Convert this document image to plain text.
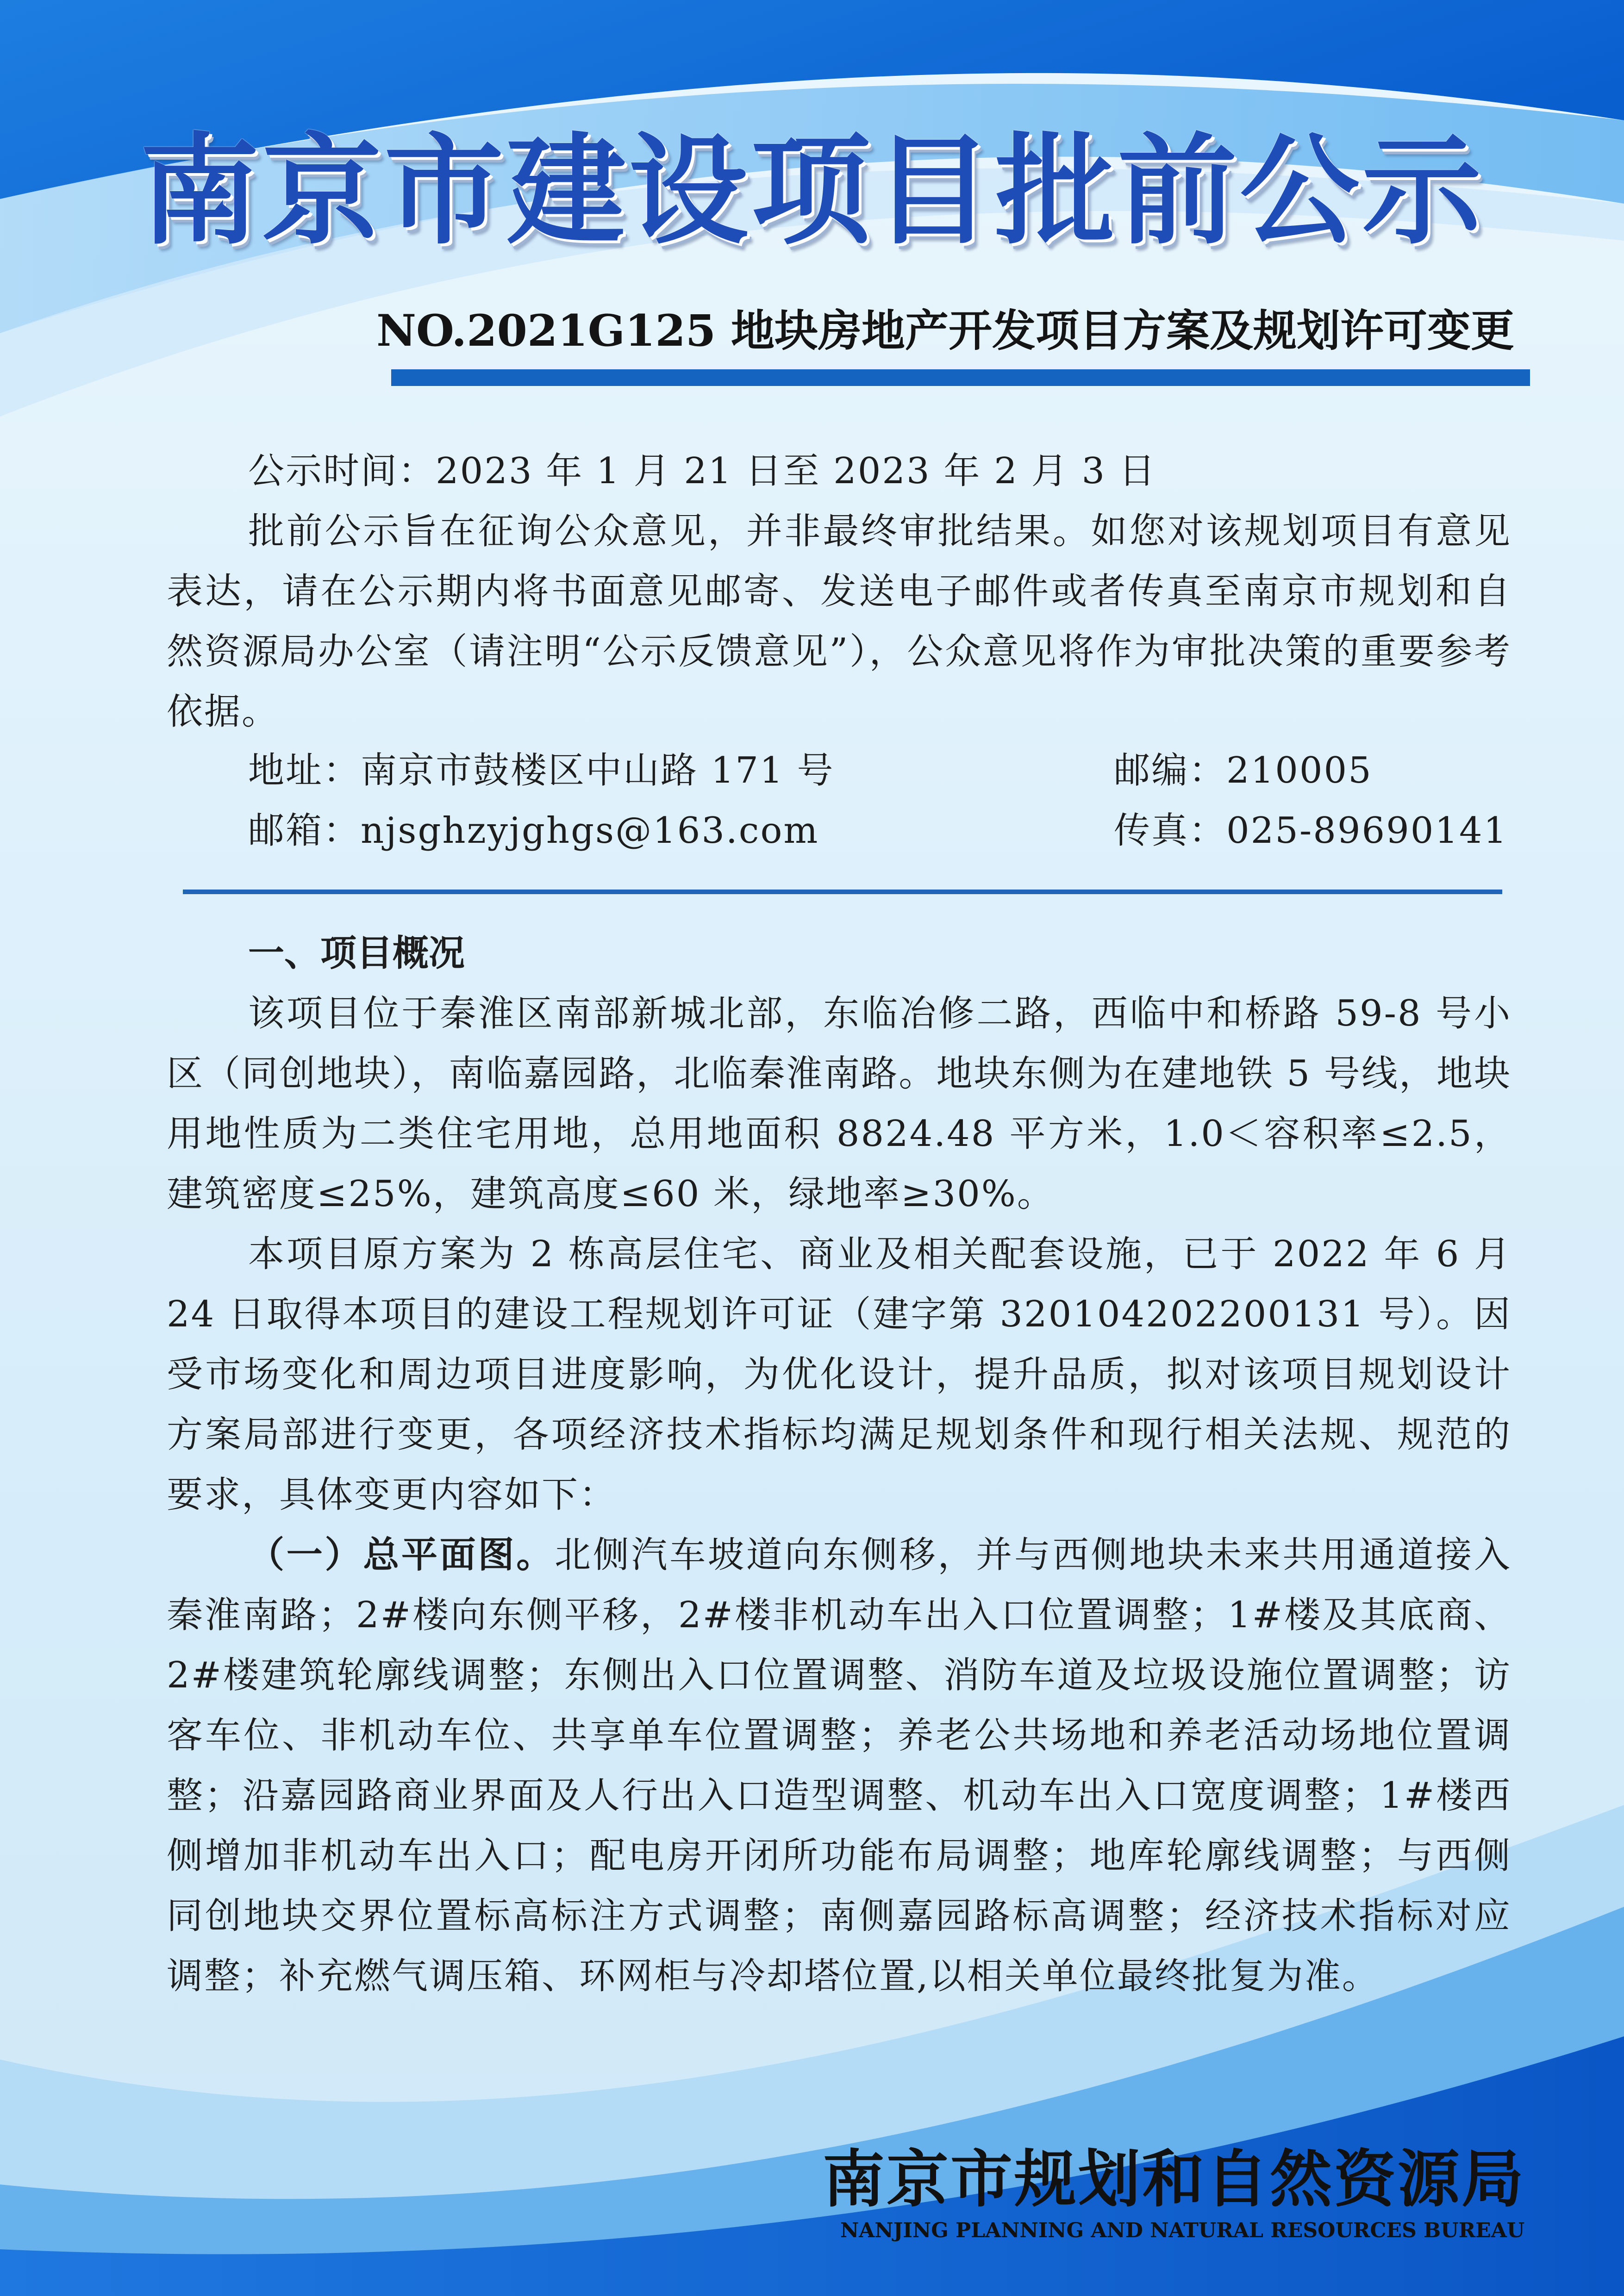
南京市建设项目批前公示
NO.2021G125 地块房地产开发项目方案及规划许可变更

公示时间：2023 年 1 月 21 日至 2023 年 2 月 3 日

批前公示旨在征询公众意见，并非最终审批结果。如您对该规划项目有意见表达，请在公示期内将书面意见邮寄、发送电子邮件或者传真至南京市规划和自然资源局办公室（请注明“公示反馈意见”），公众意见将作为审批决策的重要参考依据。

地址：南京市鼓楼区中山路 171 号	邮编：210005
邮箱：njsghzyjghgs@163.com	传真：025-89690141
一、项目概况

该项目位于秦淮区南部新城北部，东临冶修二路，西临中和桥路 59-8 号小区（同创地块），南临嘉园路，北临秦淮南路。地块东侧为在建地铁 5 号线，地块用地性质为二类住宅用地，总用地面积 8824.48 平方米，1.0＜容积率≤2.5，建筑密度≤25%，建筑高度≤60 米，绿地率≥30%。

本项目原方案为 2 栋高层住宅、商业及相关配套设施，已于 2022 年 6 月 24 日取得本项目的建设工程规划许可证（建字第 320104202200131 号）。因受市场变化和周边项目进度影响，为优化设计，提升品质，拟对该项目规划设计方案局部进行变更，各项经济技术指标均满足规划条件和现行相关法规、规范的要求，具体变更内容如下：

（一）总平面图。北侧汽车坡道向东侧移，并与西侧地块未来共用通道接入秦淮南路；2#楼向东侧平移，2#楼非机动车出入口位置调整；1#楼及其底商、2#楼建筑轮廓线调整；东侧出入口位置调整、消防车道及垃圾设施位置调整；访客车位、非机动车位、共享单车位置调整；养老公共场地和养老活动场地位置调整；沿嘉园路商业界面及人行出入口造型调整、机动车出入口宽度调整；1#楼西侧增加非机动车出入口；配电房开闭所功能布局调整；地库轮廓线调整；与西侧同创地块交界位置标高标注方式调整；南侧嘉园路标高调整；经济技术指标对应调整；补充燃气调压箱、环网柜与冷却塔位置,以相关单位最终批复为准。

南京市规划和自然资源局
NANJING PLANNING AND NATURAL RESOURCES BUREAU
